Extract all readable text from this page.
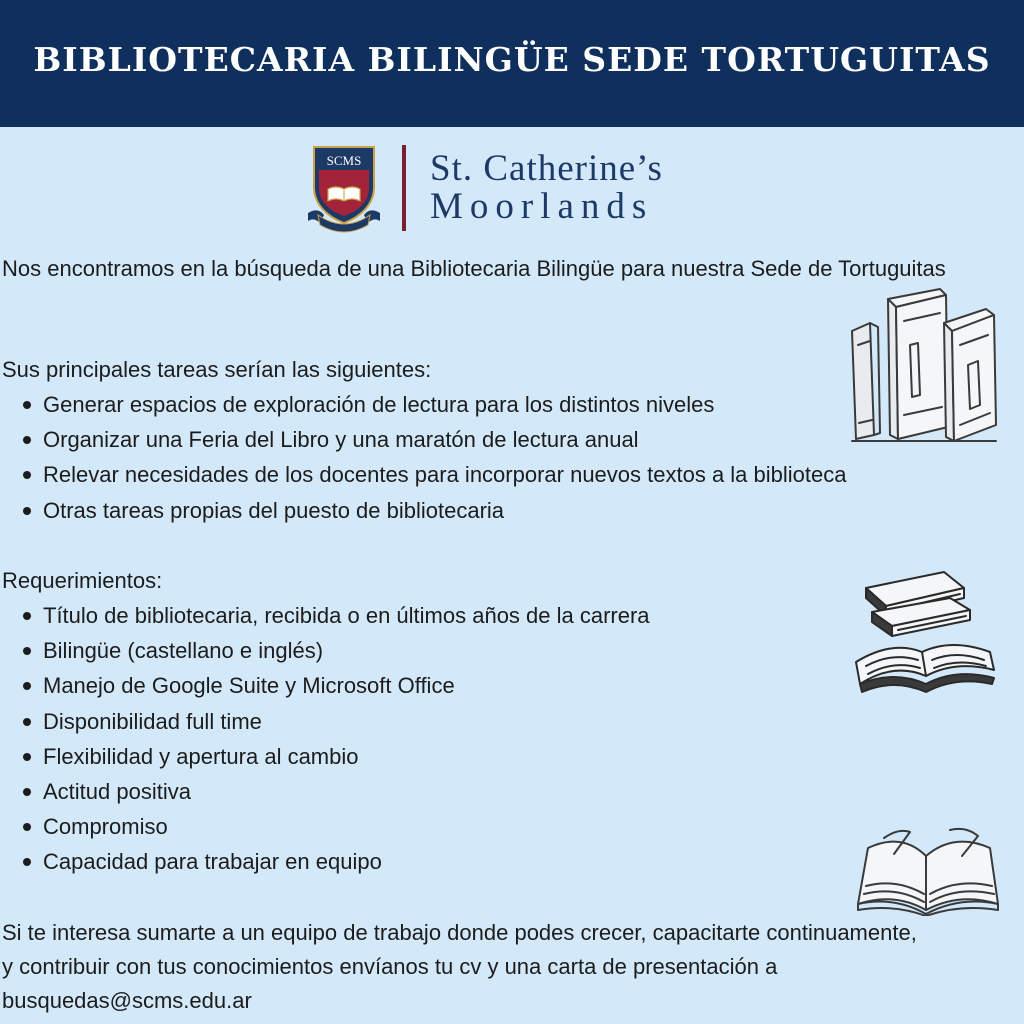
BIBLIOTECARIA BILINGÜE SEDE TORTUGUITAS
SCMS St. Catherine’s

Moorlands

Nos encontramos en la búsqueda de una Bibliotecaria Bilingüe para nuestra Sede de Tortuguitas

Sus principales tareas serían las siguientes:

Generar espacios de exploración de lectura para los distintos niveles
Organizar una Feria del Libro y una maratón de lectura anual
Relevar necesidades de los docentes para incorporar nuevos textos a la biblioteca
Otras tareas propias del puesto de bibliotecaria

Requerimientos:

Título de bibliotecaria, recibida o en últimos años de la carrera
Bilingüe (castellano e inglés)
Manejo de Google Suite y Microsoft Office
Disponibilidad full time
Flexibilidad y apertura al cambio
Actitud positiva
Compromiso
Capacidad para trabajar en equipo

Si te interesa sumarte a un equipo de trabajo donde podes crecer, capacitarte continuamente, y contribuir con tus conocimientos envíanos tu cv y una carta de presentación a busquedas@scms.edu.ar
